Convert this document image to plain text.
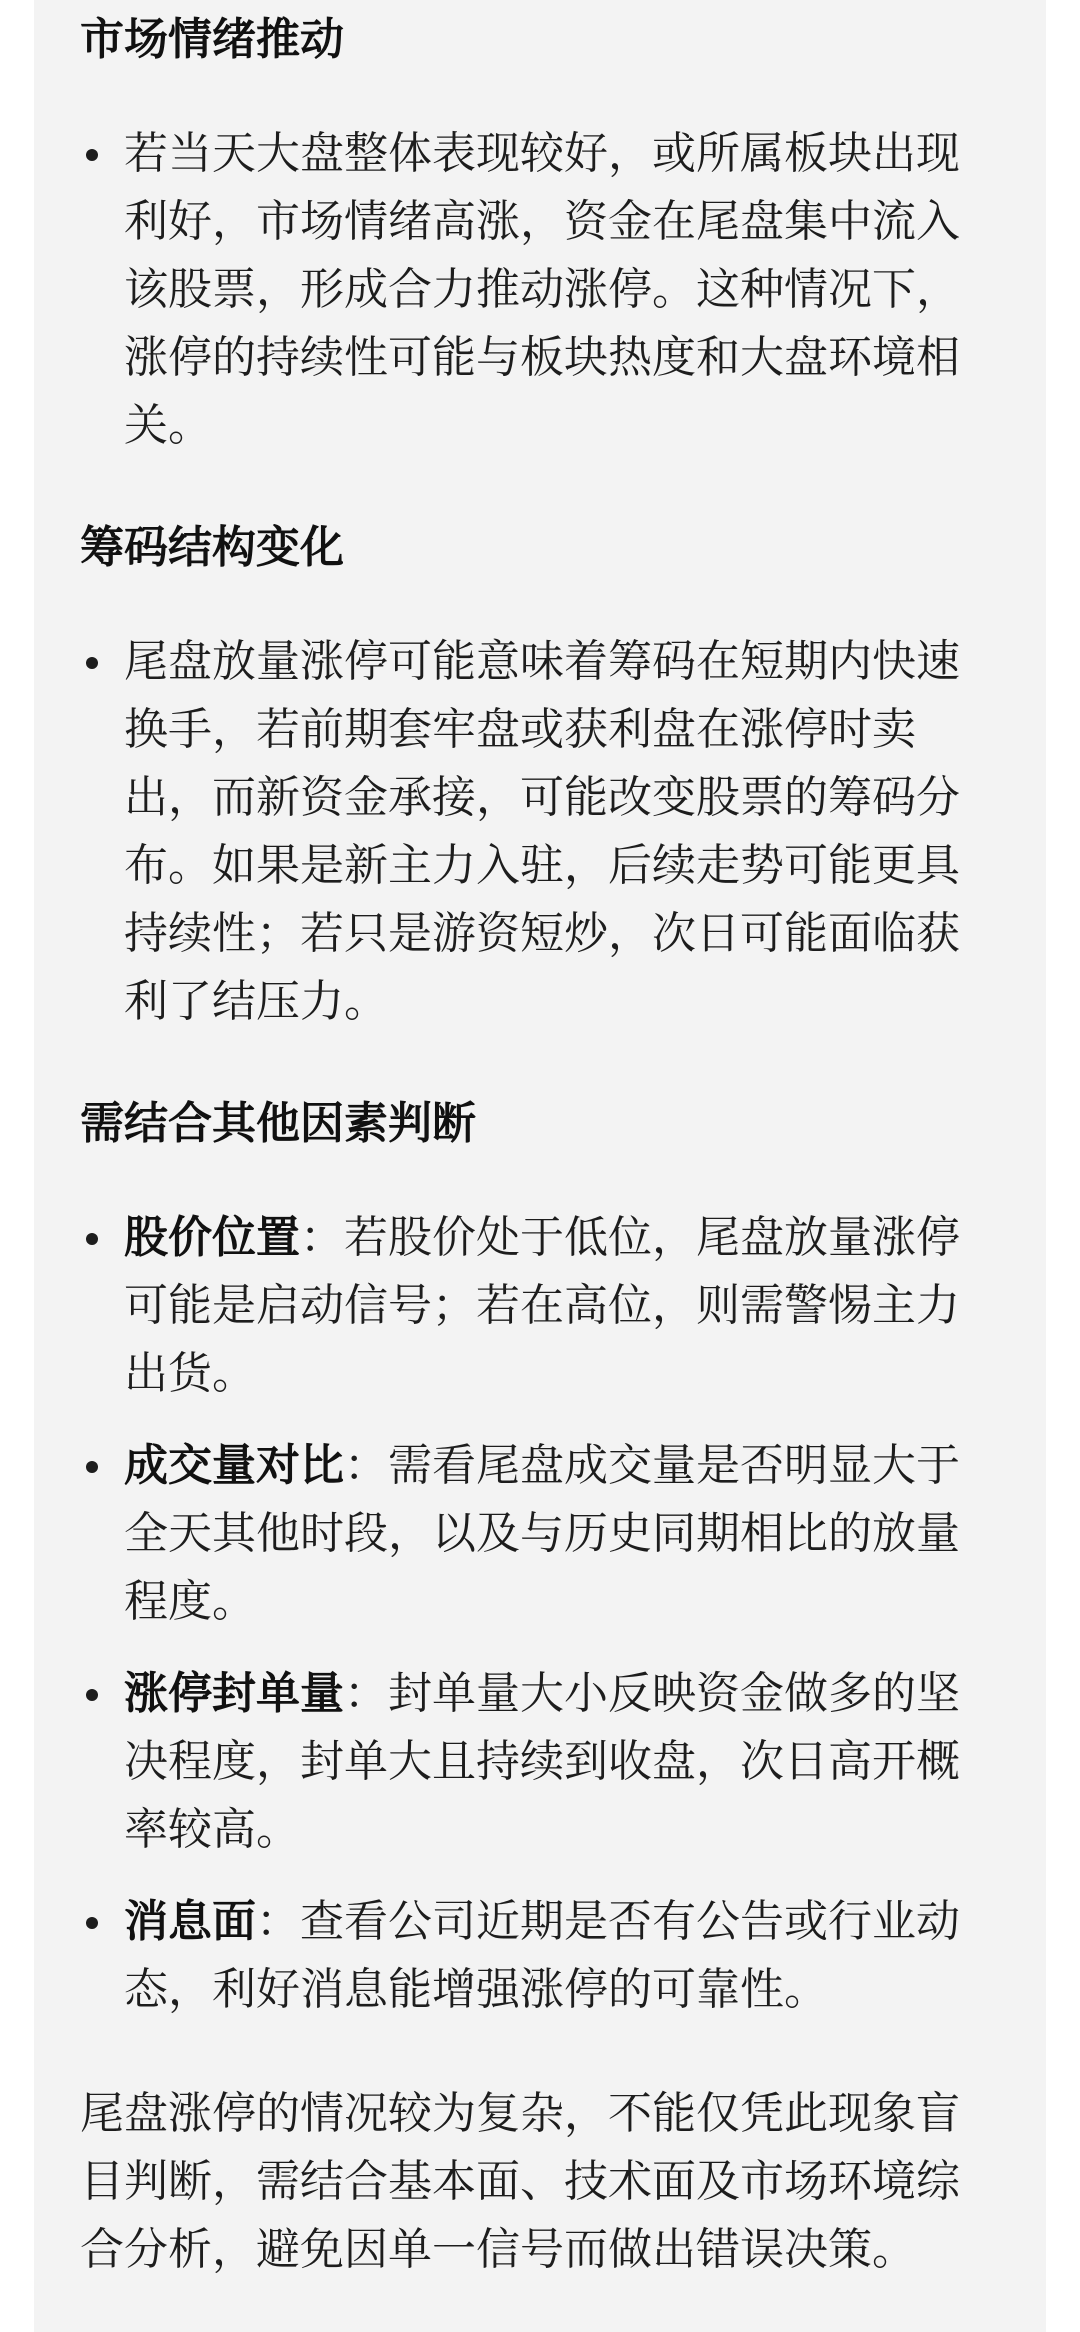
市场情绪推动
若当天大盘整体表现较好，或所属板块出现利好，市场情绪高涨，资金在尾盘集中流入该股票，形成合力推动涨停。这种情况下，涨停的持续性可能与板块热度和大盘环境相关。
筹码结构变化
尾盘放量涨停可能意味着筹码在短期内快速换手，若前期套牢盘或获利盘在涨停时卖出，而新资金承接，可能改变股票的筹码分布。如果是新主力入驻，后续走势可能更具持续性；若只是游资短炒，次日可能面临获利了结压力。
需结合其他因素判断
股价位置：若股价处于低位，尾盘放量涨停可能是启动信号；若在高位，则需警惕主力出货。
成交量对比：需看尾盘成交量是否明显大于全天其他时段，以及与历史同期相比的放量程度。
涨停封单量：封单量大小反映资金做多的坚决程度，封单大且持续到收盘，次日高开概率较高。
消息面：查看公司近期是否有公告或行业动态，利好消息能增强涨停的可靠性。

尾盘涨停的情况较为复杂，不能仅凭此现象盲目判断，需结合基本面、技术面及市场环境综合分析，避免因单一信号而做出错误决策。
